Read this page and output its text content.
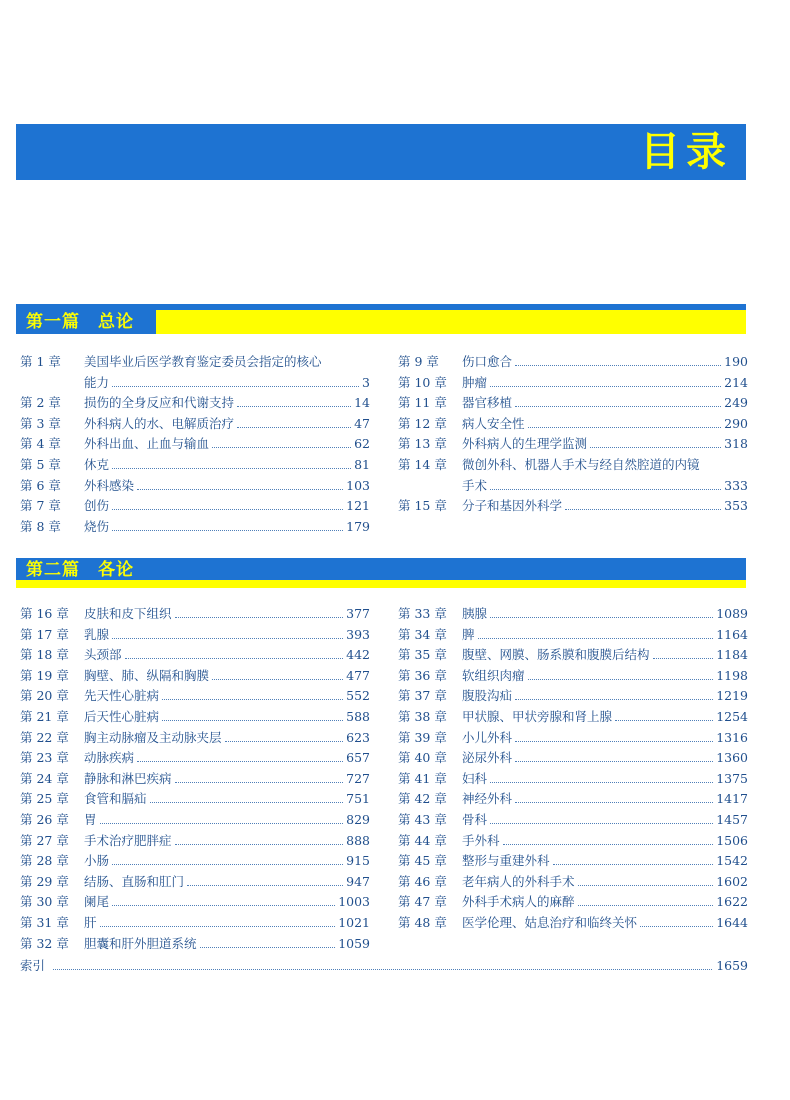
目录
第一篇　总论
第 1 章	美国毕业后医学教育鉴定委员会指定的核心
能力	3
第 2 章	损伤的全身反应和代谢支持	14
第 3 章	外科病人的水、电解质治疗	47
第 4 章	外科出血、止血与输血	62
第 5 章	休克	81
第 6 章	外科感染	103
第 7 章	创伤	121
第 8 章	烧伤	179
第 9 章	伤口愈合	190
第 10 章	肿瘤	214
第 11 章	器官移植	249
第 12 章	病人安全性	290
第 13 章	外科病人的生理学监测	318
第 14 章	微创外科、机器人手术与经自然腔道的内镜
手术	333
第 15 章	分子和基因外科学	353
第二篇　各论
第 16 章	皮肤和皮下组织	377
第 17 章	乳腺	393
第 18 章	头颈部	442
第 19 章	胸壁、肺、纵隔和胸膜	477
第 20 章	先天性心脏病	552
第 21 章	后天性心脏病	588
第 22 章	胸主动脉瘤及主动脉夹层	623
第 23 章	动脉疾病	657
第 24 章	静脉和淋巴疾病	727
第 25 章	食管和膈疝	751
第 26 章	胃	829
第 27 章	手术治疗肥胖症	888
第 28 章	小肠	915
第 29 章	结肠、直肠和肛门	947
第 30 章	阑尾	1003
第 31 章	肝	1021
第 32 章	胆囊和肝外胆道系统	1059
第 33 章	胰腺	1089
第 34 章	脾	1164
第 35 章	腹壁、网膜、肠系膜和腹膜后结构	1184
第 36 章	软组织肉瘤	1198
第 37 章	腹股沟疝	1219
第 38 章	甲状腺、甲状旁腺和肾上腺	1254
第 39 章	小儿外科	1316
第 40 章	泌尿外科	1360
第 41 章	妇科	1375
第 42 章	神经外科	1417
第 43 章	骨科	1457
第 44 章	手外科	1506
第 45 章	整形与重建外科	1542
第 46 章	老年病人的外科手术	1602
第 47 章	外科手术病人的麻醉	1622
第 48 章	医学伦理、姑息治疗和临终关怀	1644
索引	1659
